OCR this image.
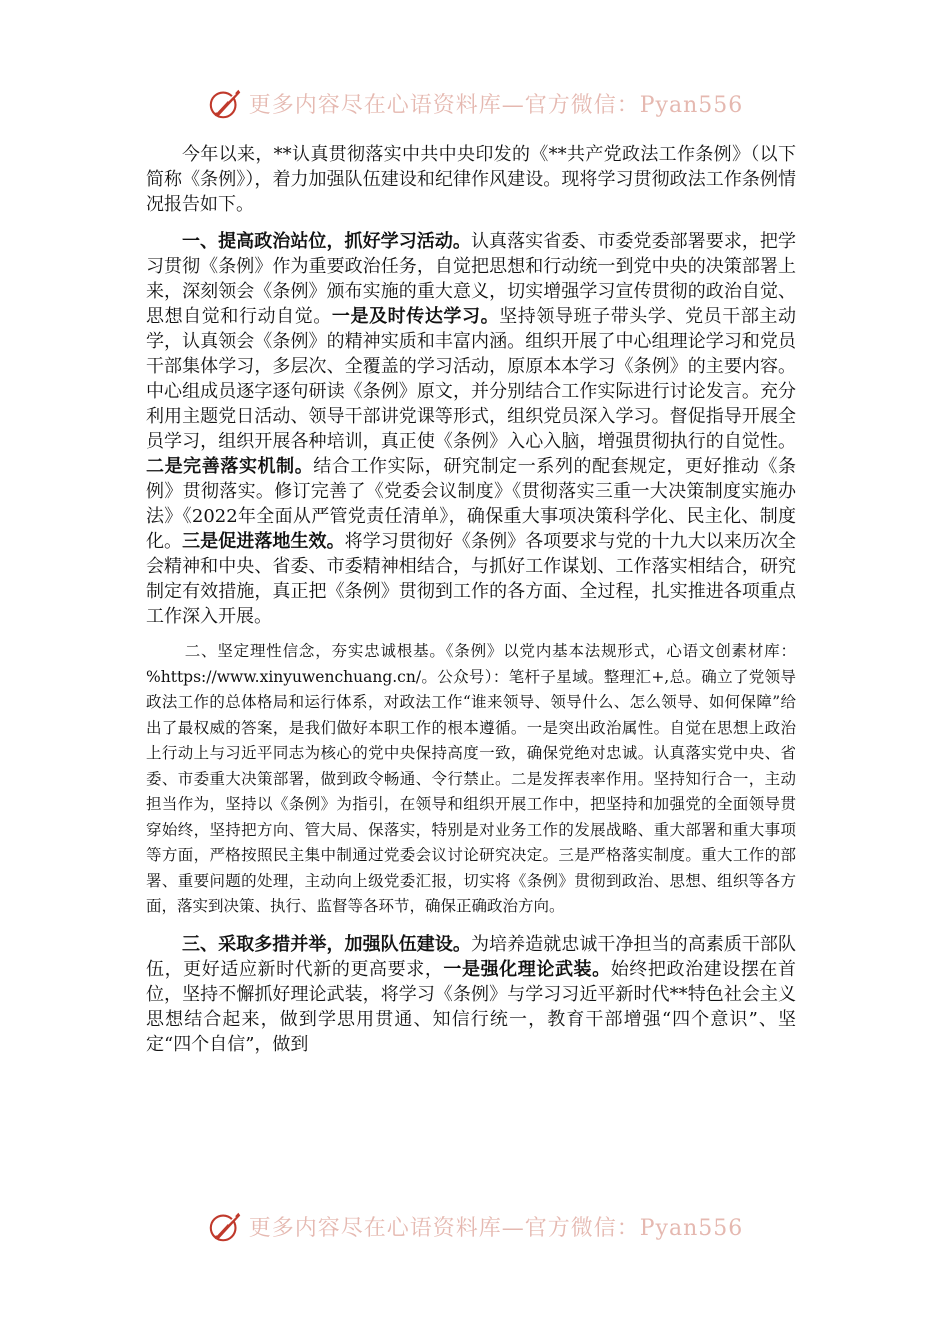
更多内容尽在心语资料库—官方微信：Pyan556

今年以来，**认真贯彻落实中共中央印发的《**共产党政法工作条例》（以下简称《条例》），着力加强队伍建设和纪律作风建设。现将学习贯彻政法工作条例情况报告如下。

一、提高政治站位，抓好学习活动。认真落实省委、市委党委部署要求，把学习贯彻《条例》作为重要政治任务，自觉把思想和行动统一到党中央的决策部署上来，深刻领会《条例》颁布实施的重大意义，切实增强学习宣传贯彻的政治自觉、思想自觉和行动自觉。一是及时传达学习。坚持领导班子带头学、党员干部主动学，认真领会《条例》的精神实质和丰富内涵。组织开展了中心组理论学习和党员干部集体学习，多层次、全覆盖的学习活动，原原本本学习《条例》的主要内容。中心组成员逐字逐句研读《条例》原文，并分别结合工作实际进行讨论发言。充分利用主题党日活动、领导干部讲党课等形式，组织党员深入学习。督促指导开展全员学习，组织开展各种培训，真正使《条例》入心入脑，增强贯彻执行的自觉性。二是完善落实机制。结合工作实际，研究制定一系列的配套规定，更好推动《条例》贯彻落实。修订完善了《党委会议制度》《贯彻落实三重一大决策制度实施办法》《2022年全面从严管党责任清单》，确保重大事项决策科学化、民主化、制度化。三是促进落地生效。将学习贯彻好《条例》各项要求与党的十九大以来历次全会精神和中央、省委、市委精神相结合，与抓好工作谋划、工作落实相结合，研究制定有效措施，真正把《条例》贯彻到工作的各方面、全过程，扎实推进各项重点工作深入开展。

二、坚定理性信念，夯实忠诚根基。《条例》以党内基本法规形式，心语文创素材库：%https://www.xinyuwenchuang.cn/。公众号）：笔杆子星域。整理汇+,总。确立了党领导政法工作的总体格局和运行体系，对政法工作“谁来领导、领导什么、怎么领导、如何保障”给出了最权威的答案，是我们做好本职工作的根本遵循。一是突出政治属性。自觉在思想上政治上行动上与习近平同志为核心的党中央保持高度一致，确保党绝对忠诚。认真落实党中央、省委、市委重大决策部署，做到政令畅通、令行禁止。二是发挥表率作用。坚持知行合一，主动担当作为，坚持以《条例》为指引，在领导和组织开展工作中，把坚持和加强党的全面领导贯穿始终，坚持把方向、管大局、保落实，特别是对业务工作的发展战略、重大部署和重大事项等方面，严格按照民主集中制通过党委会议讨论研究决定。三是严格落实制度。重大工作的部署、重要问题的处理，主动向上级党委汇报，切实将《条例》贯彻到政治、思想、组织等各方面，落实到决策、执行、监督等各环节，确保正确政治方向。

三、采取多措并举，加强队伍建设。为培养造就忠诚干净担当的高素质干部队伍，更好适应新时代新的更高要求，一是强化理论武装。始终把政治建设摆在首位，坚持不懈抓好理论武装，将学习《条例》与学习习近平新时代**特色社会主义思想结合起来，做到学思用贯通、知信行统一，教育干部增强“四个意识”、坚定“四个自信”，做到

更多内容尽在心语资料库—官方微信：Pyan556
